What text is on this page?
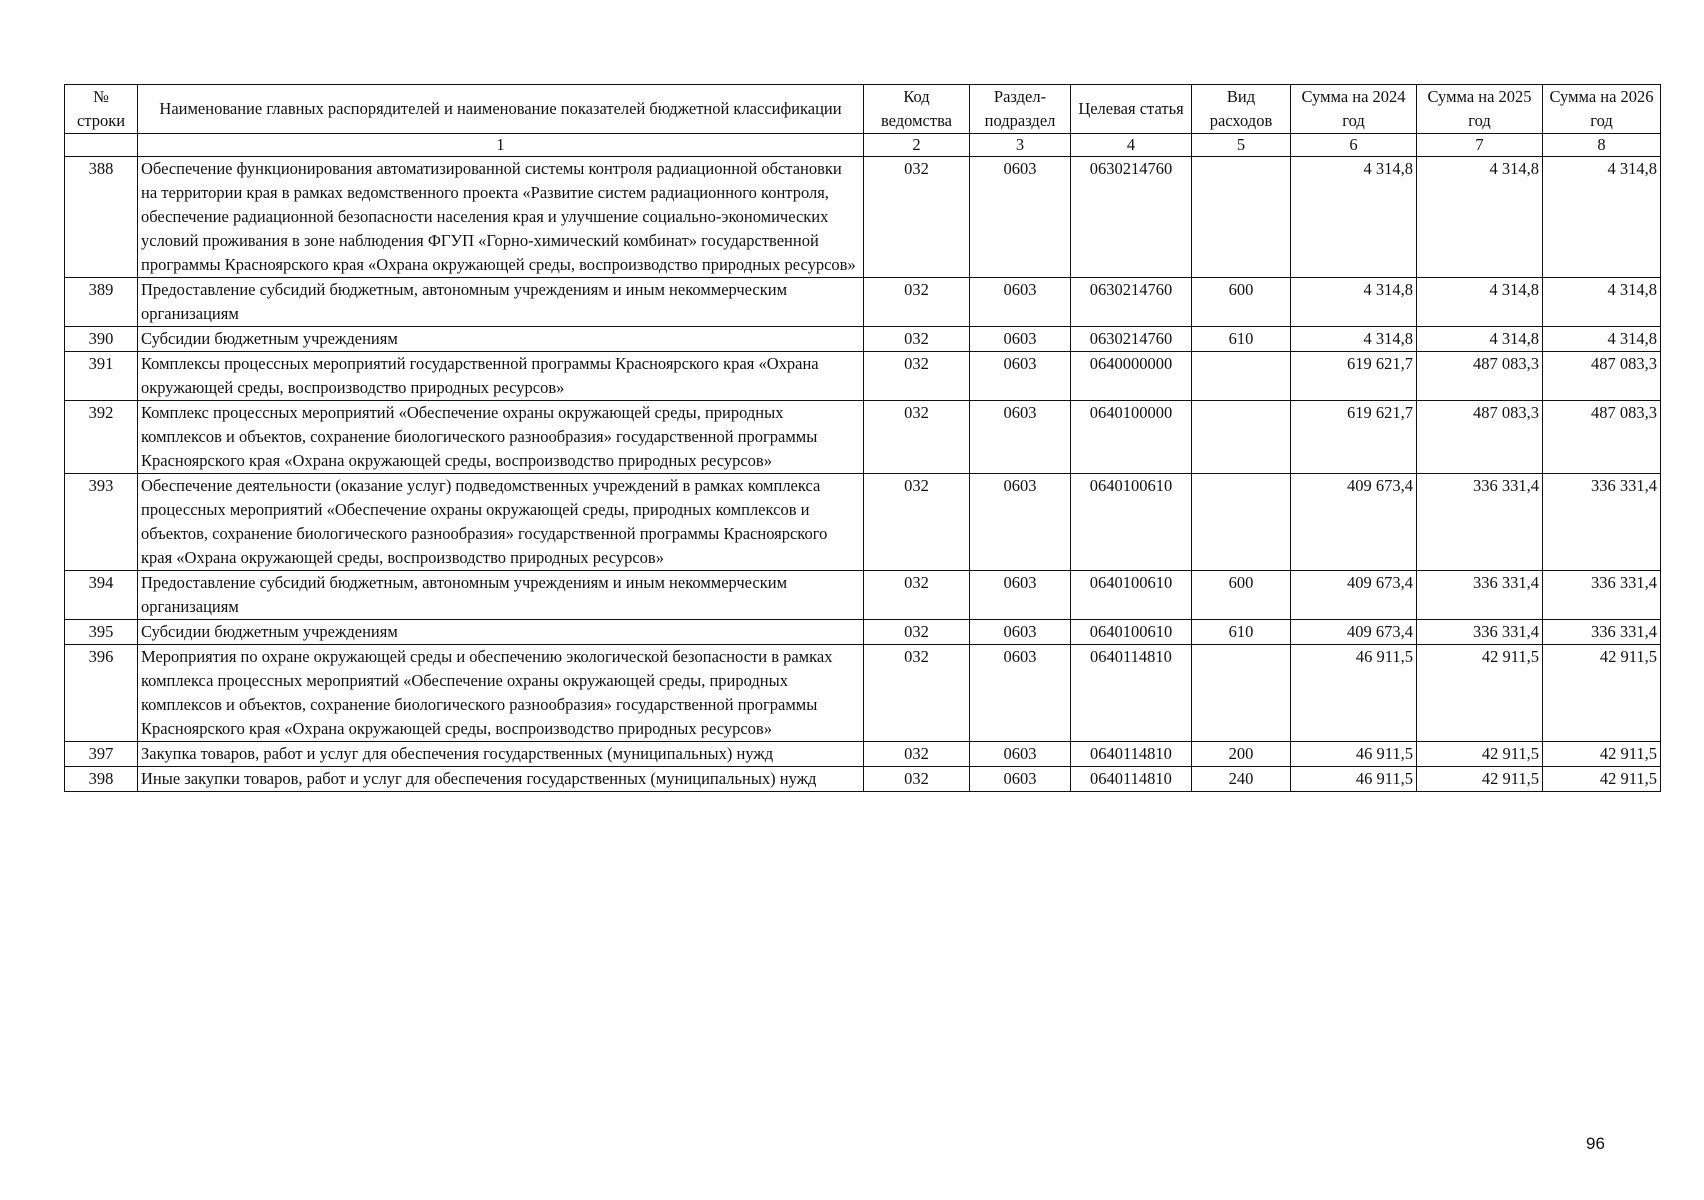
№ строки	Наименование главных распорядителей и наименование показателей бюджетной классификации	Код ведомства	Раздел-подраздел	Целевая статья	Вид расходов	Сумма на 2024 год	Сумма на 2025 год	Сумма на 2026 год
	1	2	3	4	5	6	7	8
388	Обеспечение функционирования автоматизированной системы контроля радиационной обстановки на территории края в рамках ведомственного проекта «Развитие систем радиационного контроля, обеспечение радиационной безопасности населения края и улучшение социально-экономических условий проживания в зоне наблюдения ФГУП «Горно-химический комбинат» государственной программы Красноярского края «Охрана окружающей среды, воспроизводство природных ресурсов»	032	0603	0630214760		4 314,8	4 314,8	4 314,8
389	Предоставление субсидий бюджетным, автономным учреждениям и иным некоммерческим организациям	032	0603	0630214760	600	4 314,8	4 314,8	4 314,8
390	Субсидии бюджетным учреждениям	032	0603	0630214760	610	4 314,8	4 314,8	4 314,8
391	Комплексы процессных мероприятий государственной программы Красноярского края «Охрана окружающей среды, воспроизводство природных ресурсов»	032	0603	0640000000		619 621,7	487 083,3	487 083,3
392	Комплекс процессных мероприятий «Обеспечение охраны окружающей среды, природных комплексов и объектов, сохранение биологического разнообразия» государственной программы Красноярского края «Охрана окружающей среды, воспроизводство природных ресурсов»	032	0603	0640100000		619 621,7	487 083,3	487 083,3
393	Обеспечение деятельности (оказание услуг) подведомственных учреждений в рамках комплекса процессных мероприятий «Обеспечение охраны окружающей среды, природных комплексов и объектов, сохранение биологического разнообразия» государственной программы Красноярского края «Охрана окружающей среды, воспроизводство природных ресурсов»	032	0603	0640100610		409 673,4	336 331,4	336 331,4
394	Предоставление субсидий бюджетным, автономным учреждениям и иным некоммерческим организациям	032	0603	0640100610	600	409 673,4	336 331,4	336 331,4
395	Субсидии бюджетным учреждениям	032	0603	0640100610	610	409 673,4	336 331,4	336 331,4
396	Мероприятия по охране окружающей среды и обеспечению экологической безопасности в рамках комплекса процессных мероприятий «Обеспечение охраны окружающей среды, природных комплексов и объектов, сохранение биологического разнообразия» государственной программы Красноярского края «Охрана окружающей среды, воспроизводство природных ресурсов»	032	0603	0640114810		46 911,5	42 911,5	42 911,5
397	Закупка товаров, работ и услуг для обеспечения государственных (муниципальных) нужд	032	0603	0640114810	200	46 911,5	42 911,5	42 911,5
398	Иные закупки товаров, работ и услуг для обеспечения государственных (муниципальных) нужд	032	0603	0640114810	240	46 911,5	42 911,5	42 911,5
96
